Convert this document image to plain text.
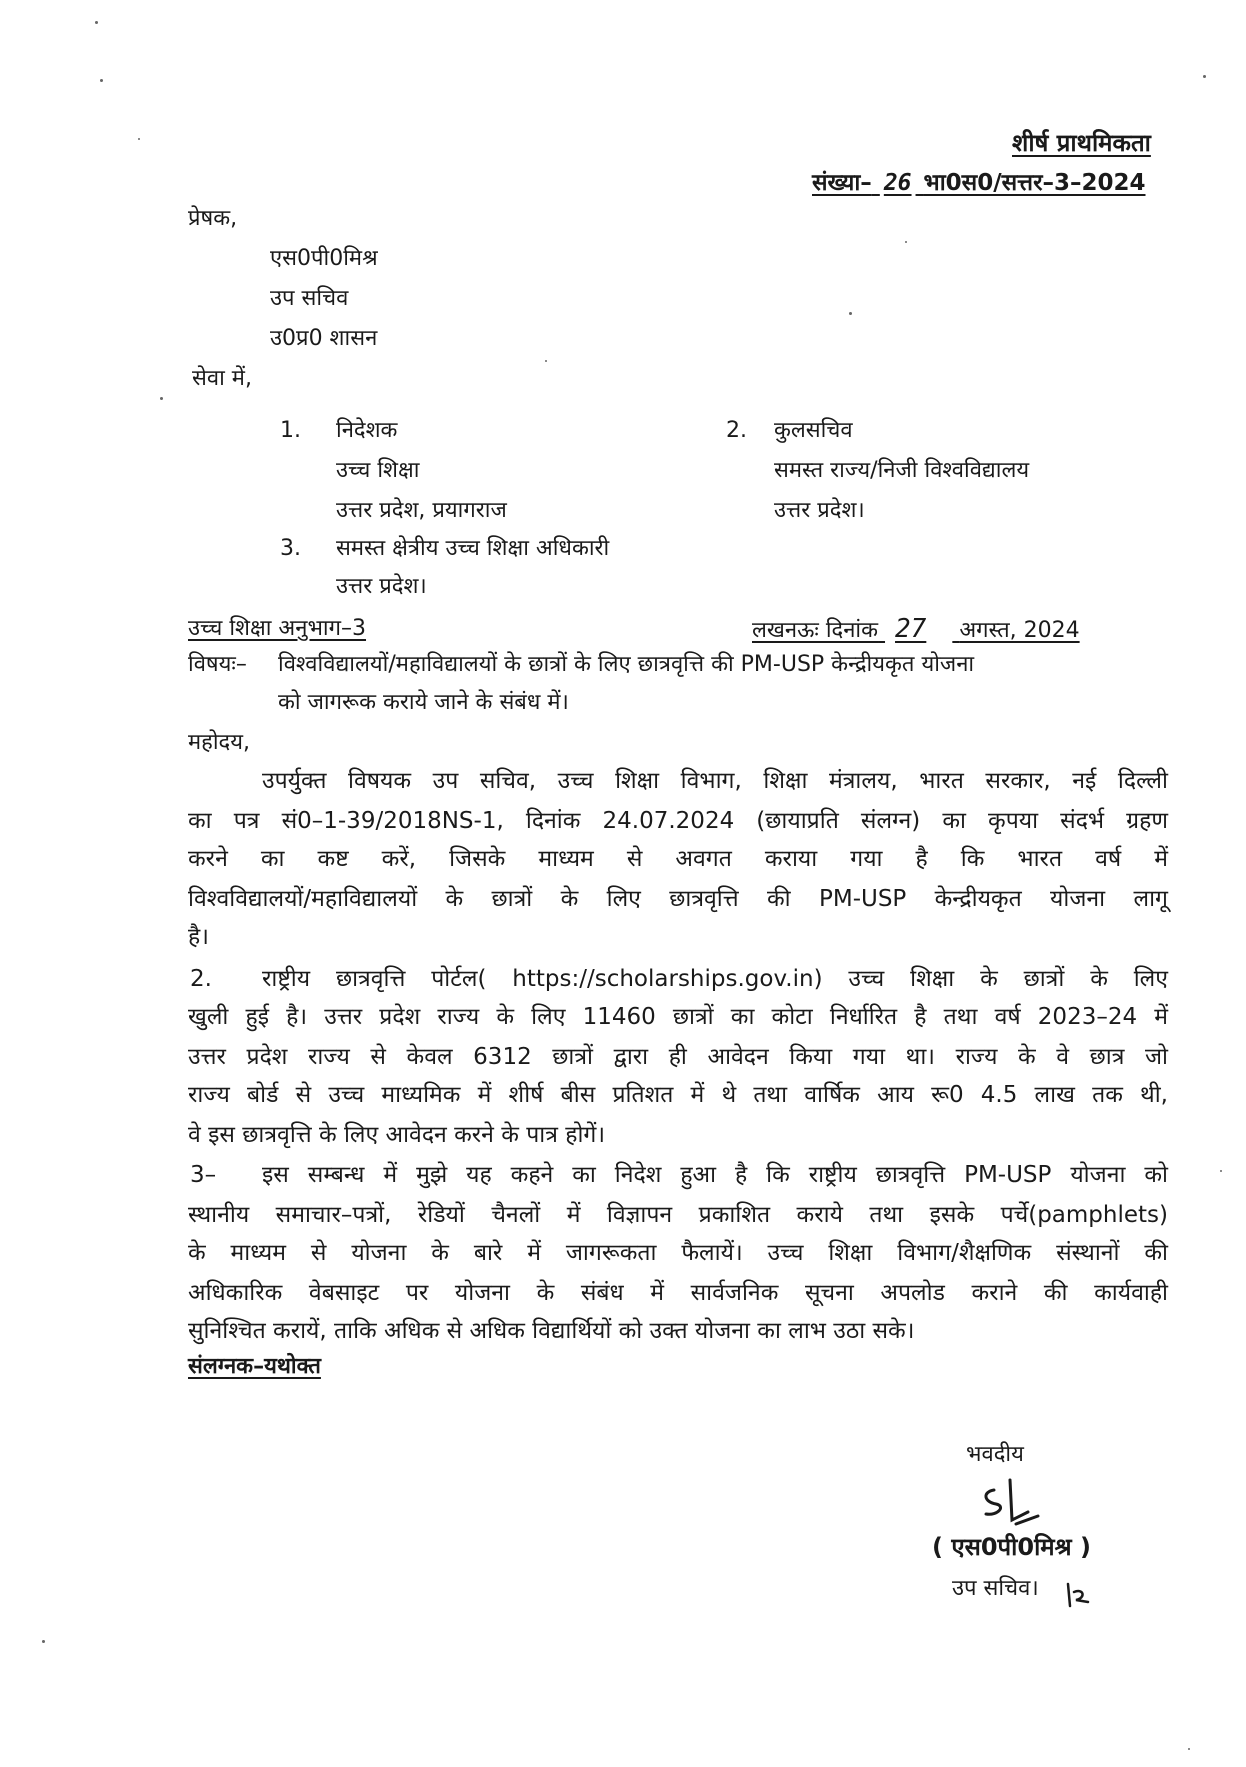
शीर्ष प्राथमिकता
संख्या– 26 भा0स0/सत्तर–3–2024
प्रेषक,
एस0पी0मिश्र
उप सचिव
उ0प्र0 शासन
सेवा में,
1. निदेशक
उच्च शिक्षा
उत्तर प्रदेश, प्रयागराज
2. कुलसचिव
समस्त राज्य/निजी विश्वविद्यालय
उत्तर प्रदेश।
3. समस्त क्षेत्रीय उच्च शिक्षा अधिकारी
उत्तर प्रदेश।
उच्च शिक्षा अनुभाग–3	लखनऊः दिनांक 27 अगस्त, 2024
विषयः– विश्वविद्यालयों/महाविद्यालयों के छात्रों के लिए छात्रवृत्ति की PM-USP केन्द्रीयकृत योजना
को जागरूक कराये जाने के संबंध में।
महोदय,
उपर्युक्त विषयक उप सचिव, उच्च शिक्षा विभाग, शिक्षा मंत्रालय, भारत सरकार, नई दिल्ली
का पत्र सं0–1-39/2018NS-1, दिनांक 24.07.2024 (छायाप्रति संलग्न) का कृपया संदर्भ ग्रहण
करने का कष्ट करें, जिसके माध्यम से अवगत कराया गया है कि भारत वर्ष में
विश्वविद्यालयों/महाविद्यालयों के छात्रों के लिए छात्रवृत्ति की PM-USP केन्द्रीयकृत योजना लागू
है।
2. राष्ट्रीय छात्रवृत्ति पोर्टल( https://scholarships.gov.in) उच्च शिक्षा के छात्रों के लिए
खुली हुई है। उत्तर प्रदेश राज्य के लिए 11460 छात्रों का कोटा निर्धारित है तथा वर्ष 2023–24 में
उत्तर प्रदेश राज्य से केवल 6312 छात्रों द्वारा ही आवेदन किया गया था। राज्य के वे छात्र जो
राज्य बोर्ड से उच्च माध्यमिक में शीर्ष बीस प्रतिशत में थे तथा वार्षिक आय रू0 4.5 लाख तक थी,
वे इस छात्रवृत्ति के लिए आवेदन करने के पात्र होगें।
3– इस सम्बन्ध में मुझे यह कहने का निदेश हुआ है कि राष्ट्रीय छात्रवृत्ति PM-USP योजना को
स्थानीय समाचार–पत्रों, रेडियों चैनलों में विज्ञापन प्रकाशित कराये तथा इसके पर्चे(pamphlets)
के माध्यम से योजना के बारे में जागरूकता फैलायें। उच्च शिक्षा विभाग/शैक्षणिक संस्थानों की
अधिकारिक वेबसाइट पर योजना के संबंध में सार्वजनिक सूचना अपलोड कराने की कार्यवाही
सुनिश्चित करायें, ताकि अधिक से अधिक विद्यार्थियों को उक्त योजना का लाभ उठा सके।
संलग्नक–यथोक्त
भवदीय
( एस0पी0मिश्र )
उप सचिव।
